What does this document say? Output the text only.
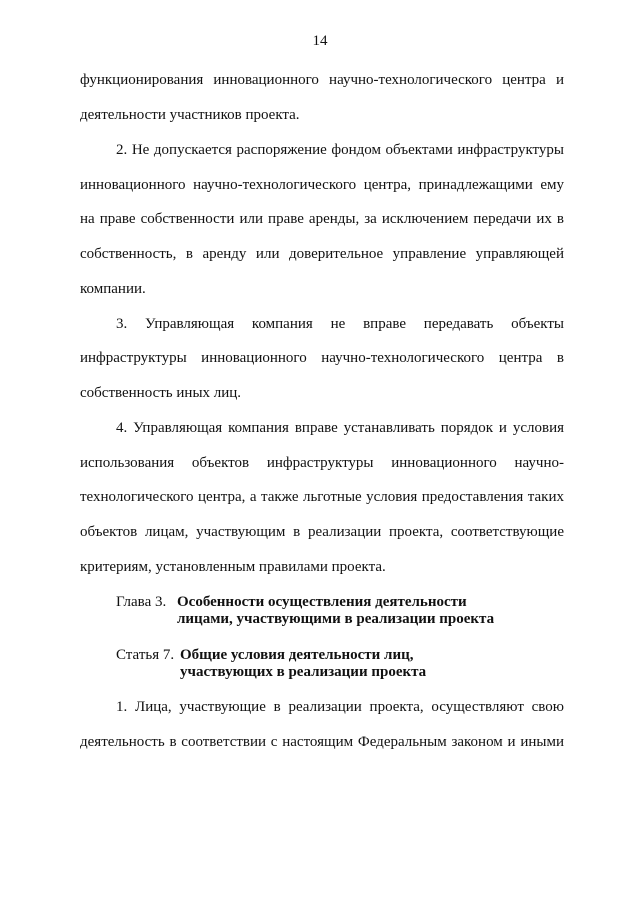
14
функционирования инновационного научно-технологического центра и
деятельности участников проекта.
2. Не допускается распоряжение фондом объектами инфраструктуры
инновационного научно-технологического центра, принадлежащими ему
на праве собственности или праве аренды, за исключением передачи их в
собственность, в аренду или доверительное управление управляющей
компании.
3. Управляющая компания не вправе передавать объекты
инфраструктуры инновационного научно-технологического центра в
собственность иных лиц.
4. Управляющая компания вправе устанавливать порядок и условия
использования объектов инфраструктуры инновационного научно-
технологического центра, а также льготные условия предоставления таких
объектов лицам, участвующим в реализации проекта, соответствующие
критериям, установленным правилами проекта.
Глава 3. Особенности осуществления деятельности
лицами, участвующими в реализации проекта
Статья 7. Общие условия деятельности лиц,
участвующих в реализации проекта
1. Лица, участвующие в реализации проекта, осуществляют свою
деятельность в соответствии с настоящим Федеральным законом и иными
